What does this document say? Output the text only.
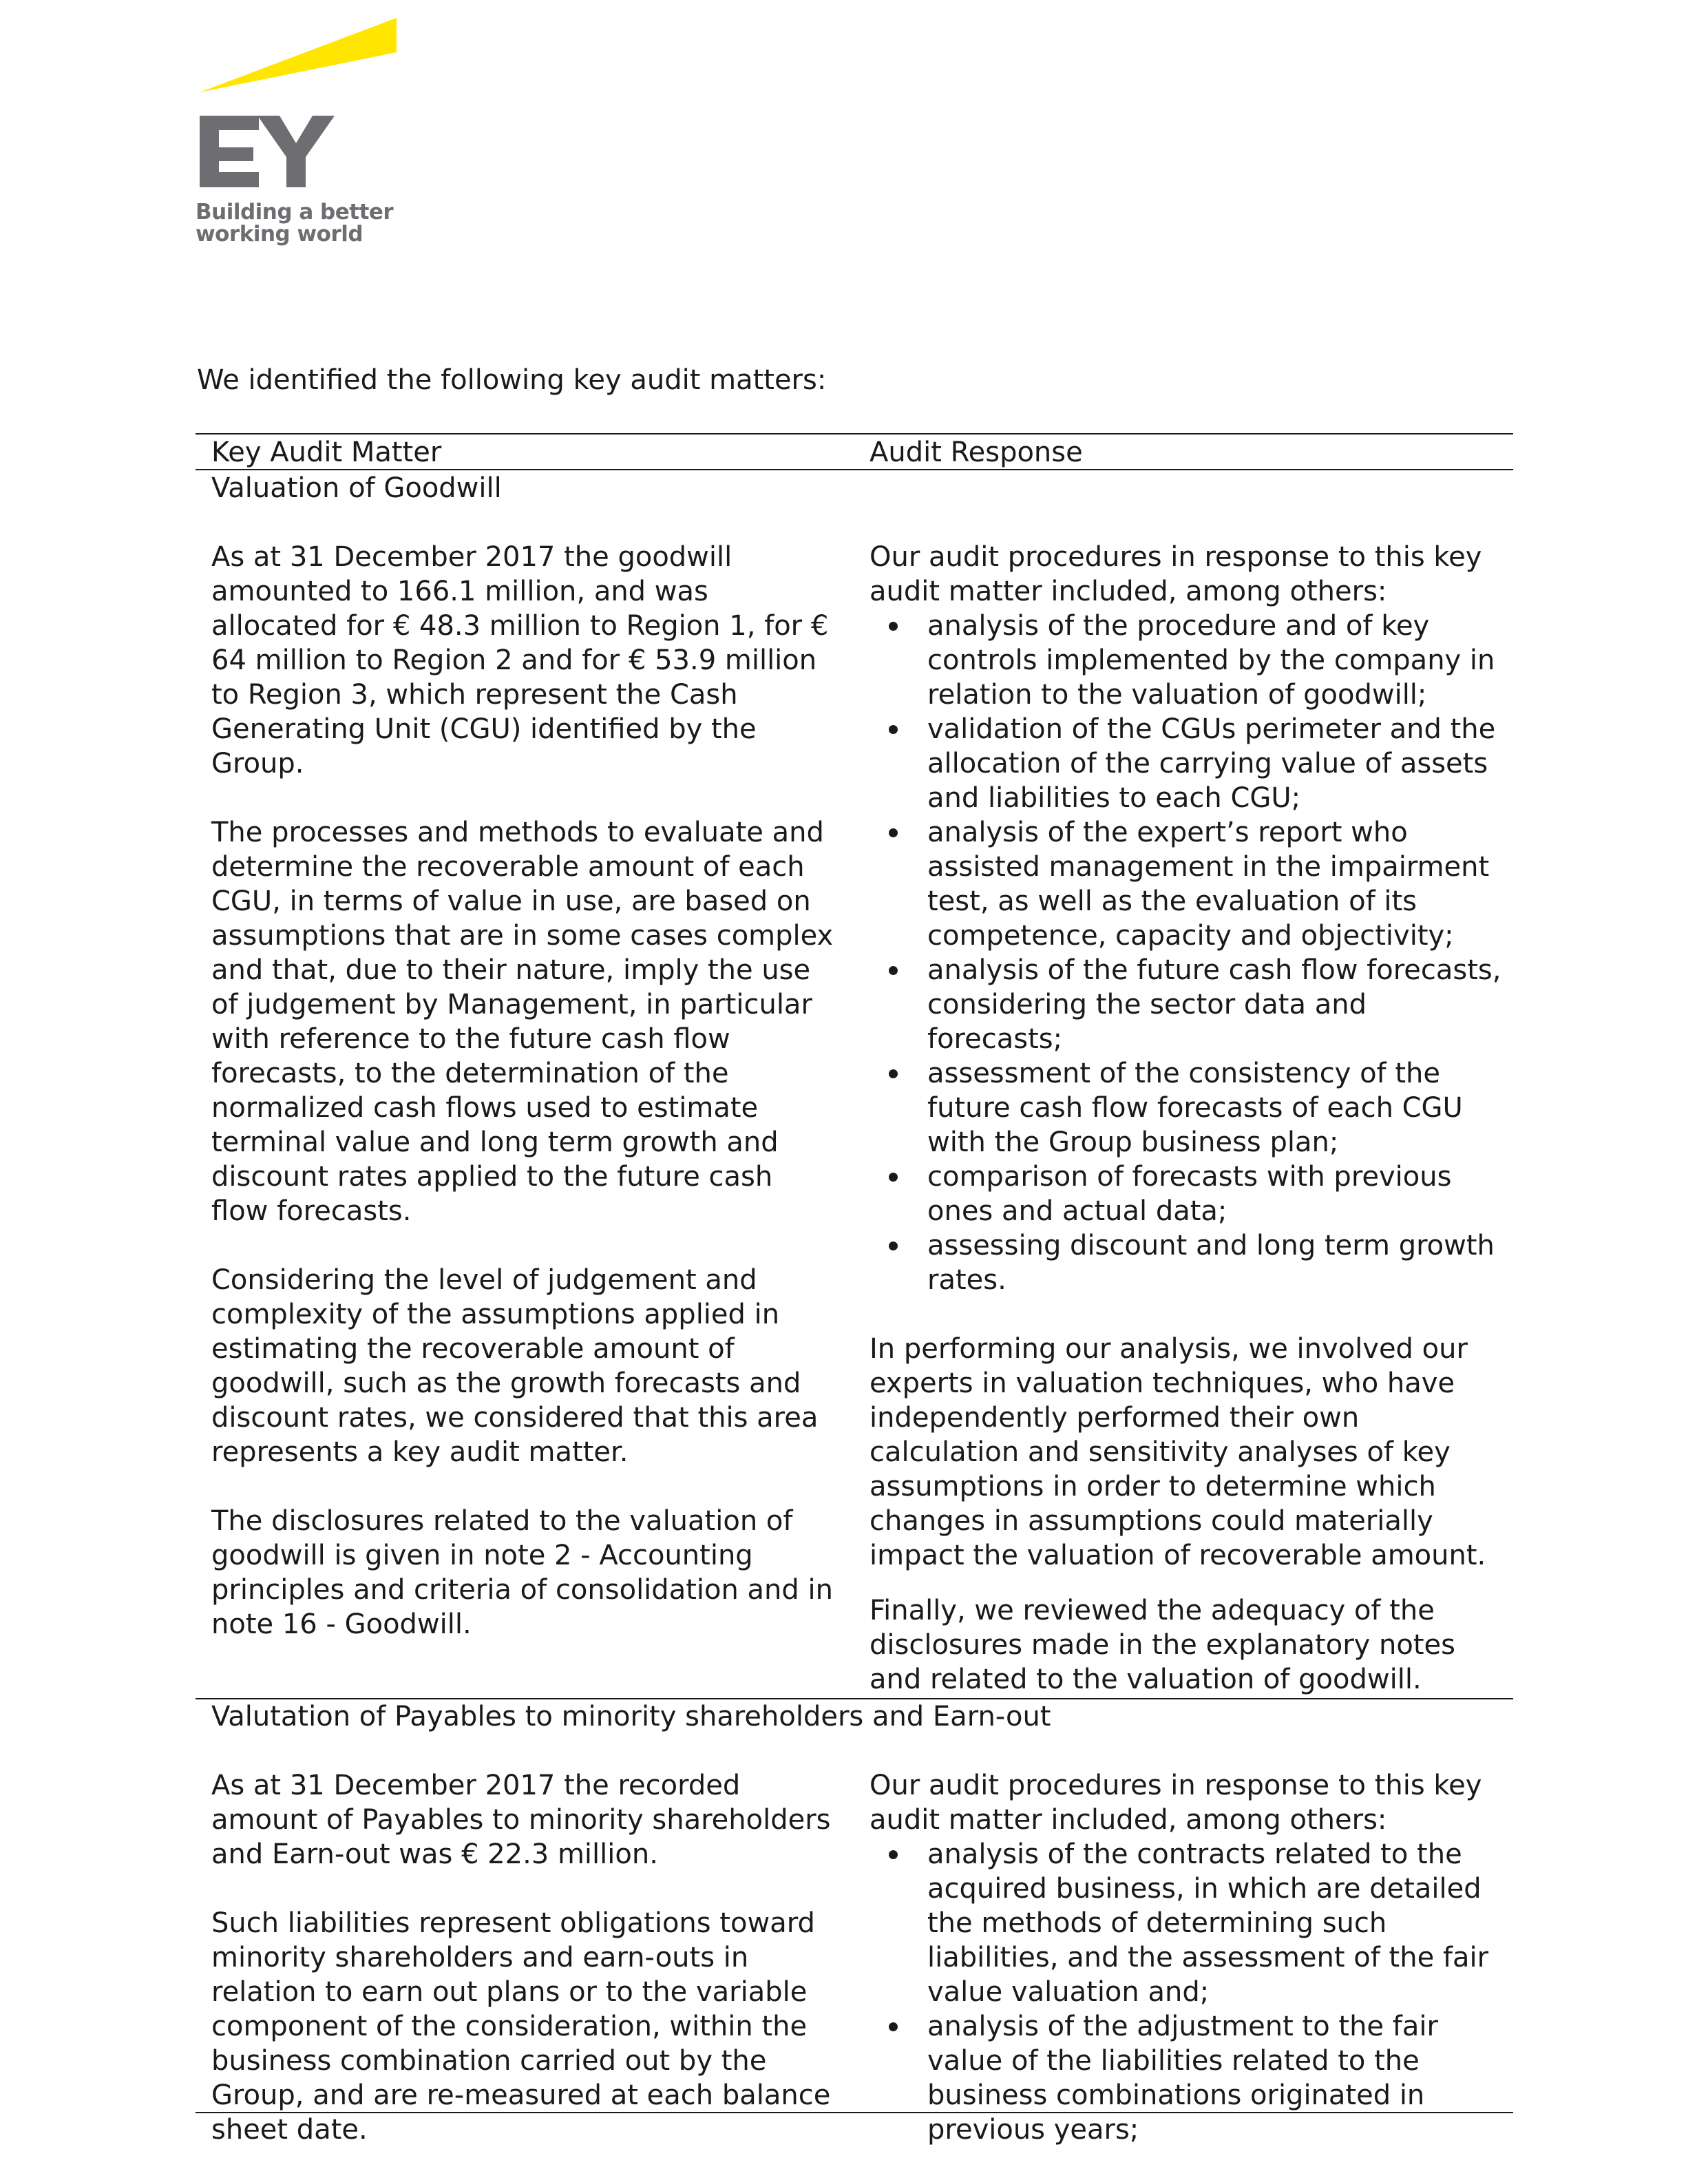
Building a better
working world
We identified the following key audit matters:
Key Audit Matter	Audit Response
Valuation of Goodwill

As at 31 December 2017 the goodwill amounted to 166.1 million, and was allocated for € 48.3 million to Region 1, for € 64 million to Region 2 and for € 53.9 million to Region 3, which represent the Cash Generating Unit (CGU) identified by the Group.

The processes and methods to evaluate and determine the recoverable amount of each CGU, in terms of value in use, are based on assumptions that are in some cases complex and that, due to their nature, imply the use of judgement by Management, in particular with reference to the future cash flow forecasts, to the determination of the normalized cash flows used to estimate terminal value and long term growth and discount rates applied to the future cash flow forecasts.

Considering the level of judgement and complexity of the assumptions applied in estimating the recoverable amount of goodwill, such as the growth forecasts and discount rates, we considered that this area represents a key audit matter.

The disclosures related to the valuation of goodwill is given in note 2 - Accounting principles and criteria of consolidation and in note 16 - Goodwill.

Our audit procedures in response to this key audit matter included, among others:

analysis of the procedure and of key controls implemented by the company in relation to the valuation of goodwill;
validation of the CGUs perimeter and the allocation of the carrying value of assets and liabilities to each CGU;
analysis of the expert’s report who assisted management in the impairment test, as well as the evaluation of its competence, capacity and objectivity;
analysis of the future cash flow forecasts, considering the sector data and forecasts;
assessment of the consistency of the future cash flow forecasts of each CGU with the Group business plan;
comparison of forecasts with previous ones and actual data;
assessing discount and long term growth rates.

In performing our analysis, we involved our experts in valuation techniques, who have independently performed their own calculation and sensitivity analyses of key assumptions in order to determine which changes in assumptions could materially impact the valuation of recoverable amount.

Finally, we reviewed the adequacy of the disclosures made in the explanatory notes and related to the valuation of goodwill.

Valutation of Payables to minority shareholders and Earn-out

As at 31 December 2017 the recorded amount of Payables to minority shareholders and Earn-out was € 22.3 million.

Such liabilities represent obligations toward minority shareholders and earn-outs in relation to earn out plans or to the variable component of the consideration, within the business combination carried out by the Group, and are re-measured at each balance sheet date.

Our audit procedures in response to this key audit matter included, among others:

analysis of the contracts related to the acquired business, in which are detailed the methods of determining such liabilities, and the assessment of the fair value valuation and;
analysis of the adjustment to the fair value of the liabilities related to the business combinations originated in previous years;
